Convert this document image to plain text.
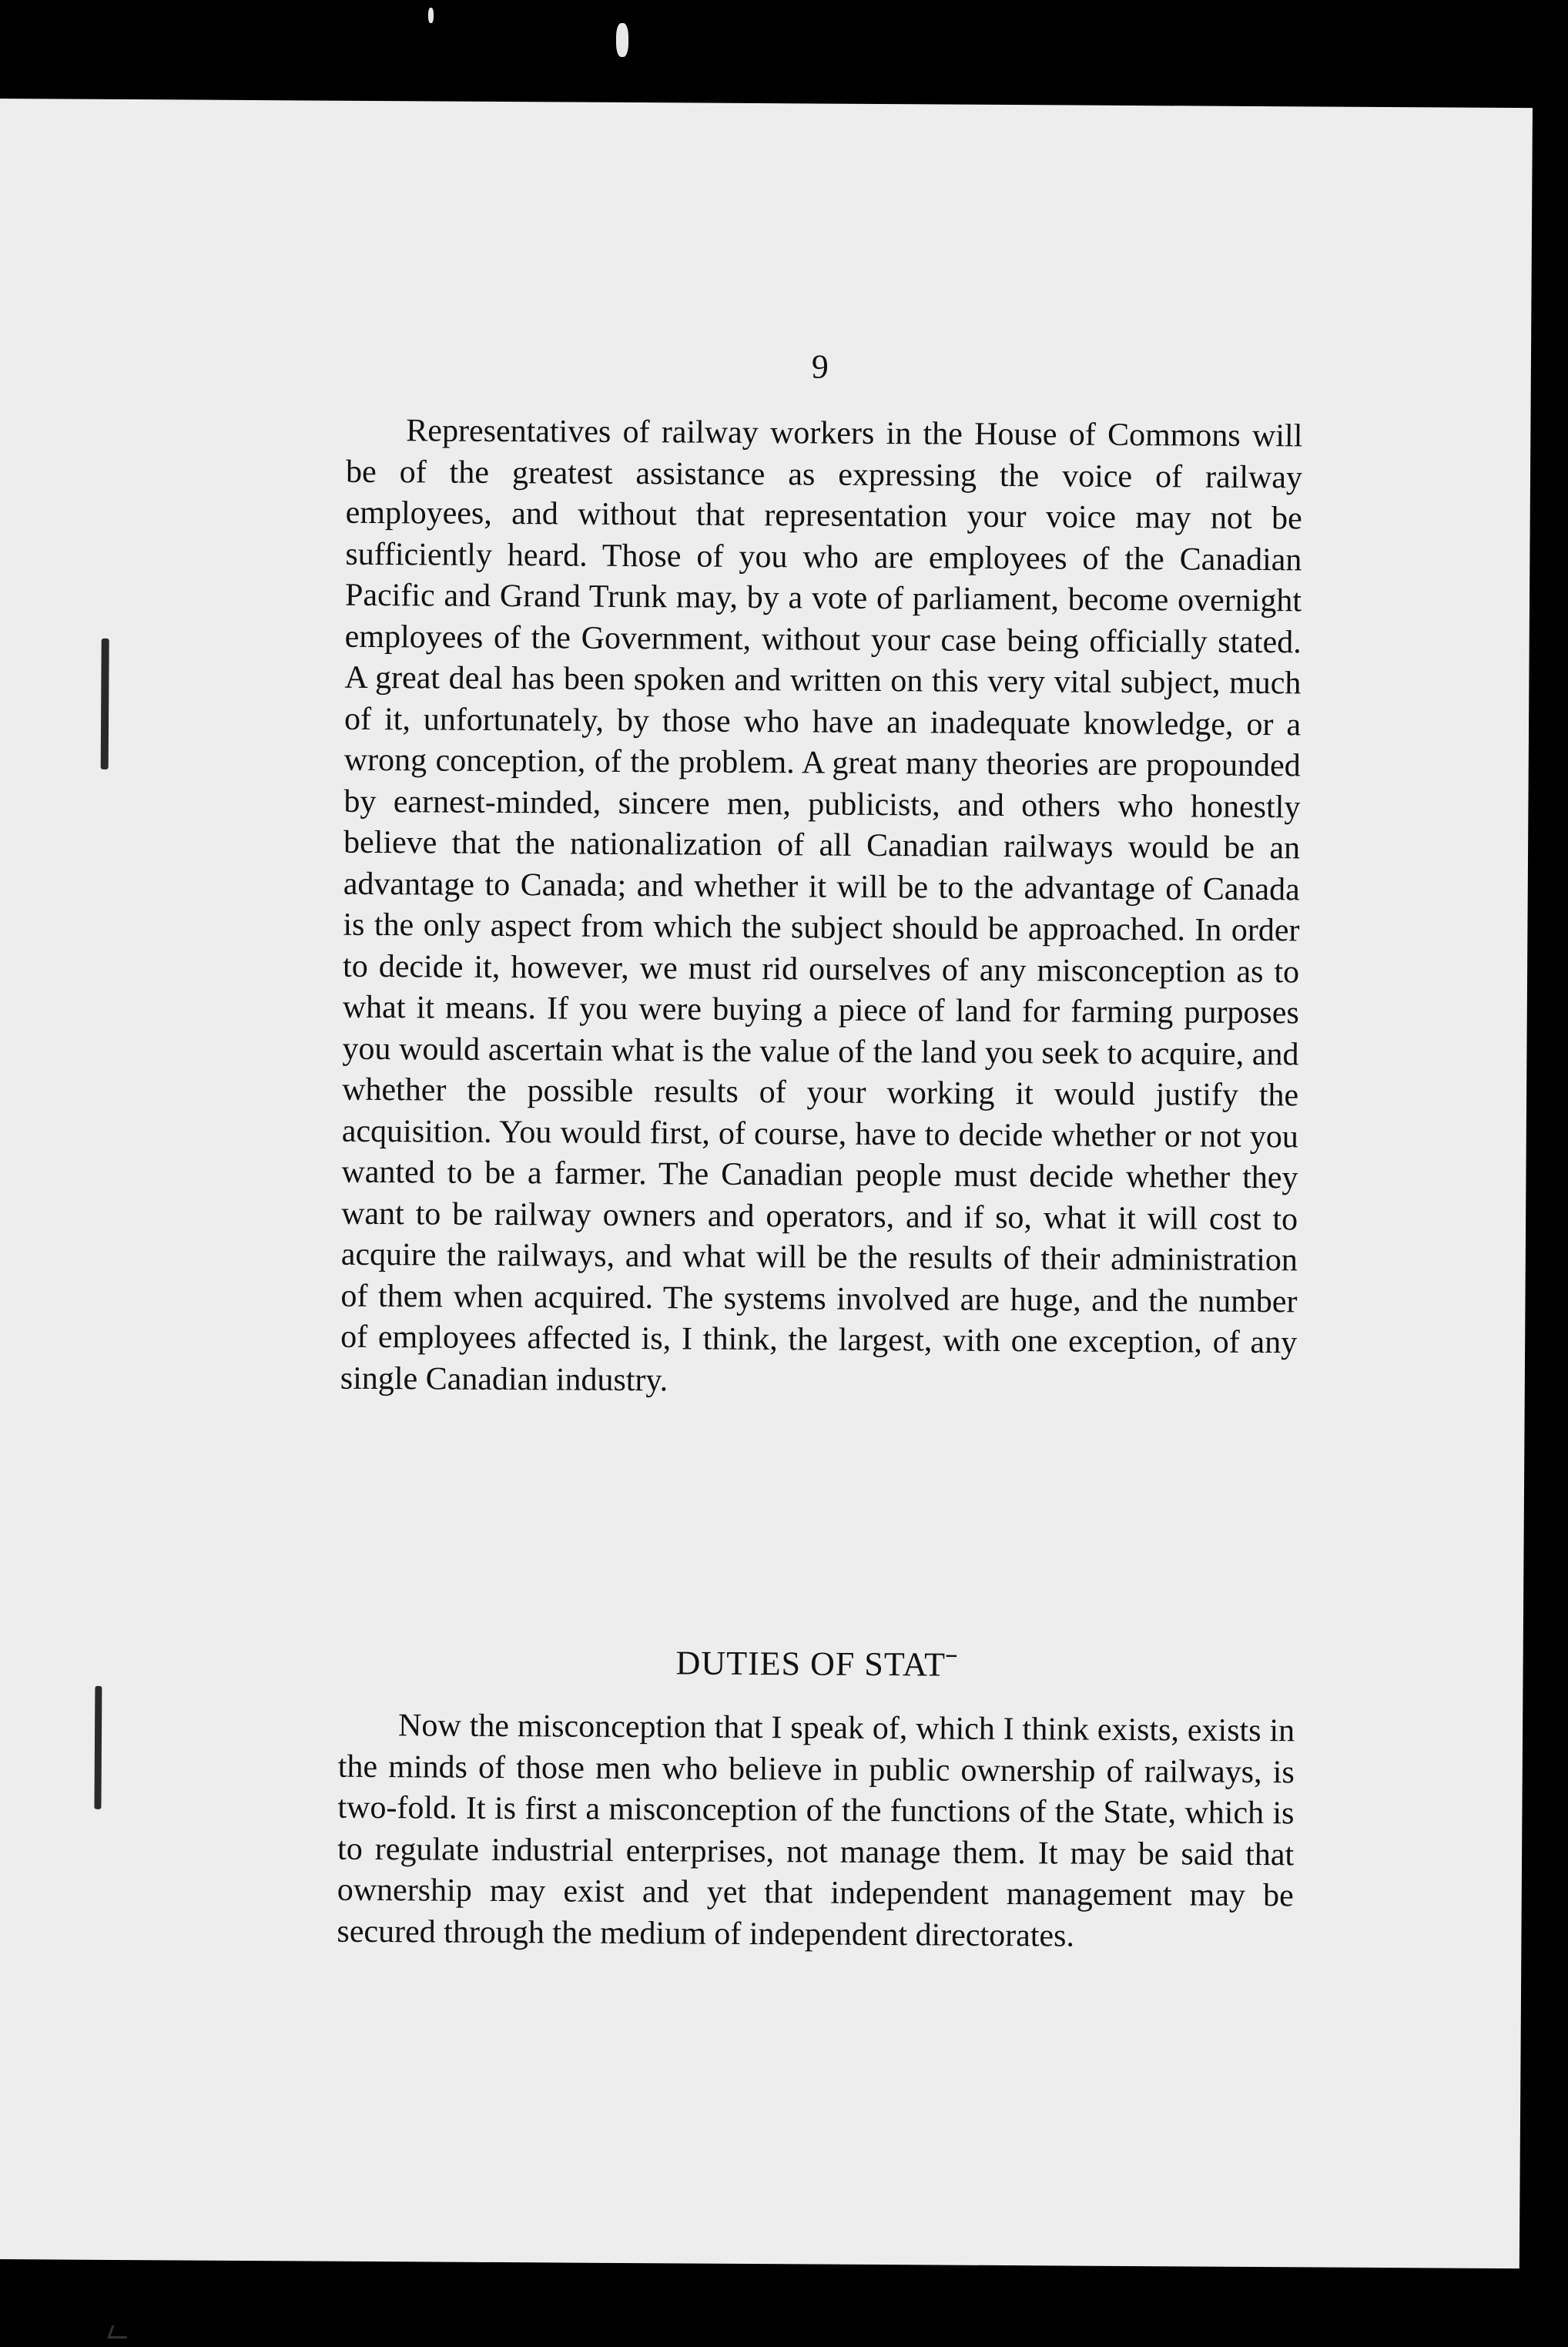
9

Representatives of railway workers in the House of Commons will be of the greatest assistance as expressing the voice of railway employees, and without that representation your voice may not be sufficiently heard. Those of you who are employees of the Canadian Pacific and Grand Trunk may, by a vote of parliament, become overnight employees of the Government, without your case being officially stated. A great deal has been spoken and written on this very vital subject, much of it, unfortunately, by those who have an inadequate knowledge, or a wrong conception, of the problem. A great many theories are propounded by earnest-minded, sincere men, publicists, and others who honestly believe that the nationalization of all Canadian railways would be an advantage to Canada; and whether it will be to the advantage of Canada is the only aspect from which the subject should be approached. In order to decide it, however, we must rid ourselves of any misconception as to what it means. If you were buying a piece of land for farming purposes you would ascertain what is the value of the land you seek to acquire, and whether the possible results of your working it would justify the acquisition. You would first, of course, have to decide whether or not you wanted to be a farmer. The Canadian people must decide whether they want to be railway owners and operators, and if so, what it will cost to acquire the railways, and what will be the results of their administration of them when acquired. The systems involved are huge, and the number of employees affected is, I think, the largest, with one exception, of any single Canadian industry.

DUTIES OF STATˉ

Now the misconception that I speak of, which I think exists, exists in the minds of those men who believe in public ownership of railways, is two-fold. It is first a misconception of the functions of the State, which is to regulate industrial enterprises, not manage them. It may be said that ownership may exist and yet that independent management may be secured through the medium of independent directorates.
